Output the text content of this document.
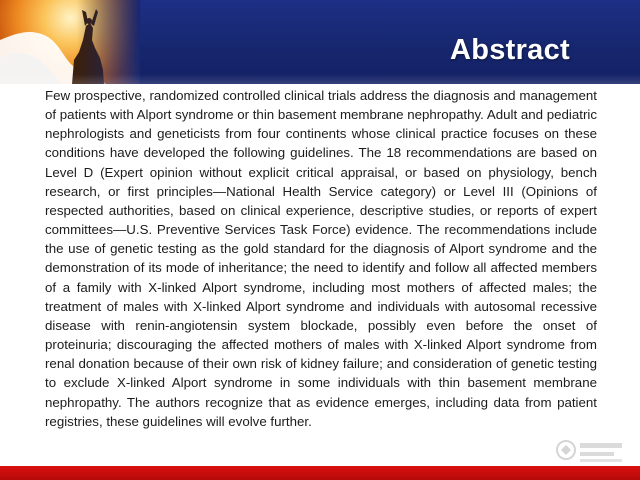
Abstract

Few prospective, randomized controlled clinical trials address the diagnosis and management of patients with Alport syndrome or thin basement membrane nephropathy. Adult and pediatric nephrologists and geneticists from four continents whose clinical practice focuses on these conditions have developed the following guidelines. The 18 recommendations are based on Level D (Expert opinion without explicit critical appraisal, or based on physiology, bench research, or first principles—National Health Service category) or Level III (Opinions of respected authorities, based on clinical experience, descriptive studies, or reports of expert committees—U.S. Preventive Services Task Force) evidence. The recommendations include the use of genetic testing as the gold standard for the diagnosis of Alport syndrome and the demonstration of its mode of inheritance; the need to identify and follow all affected members of a family with X-linked Alport syndrome, including most mothers of affected males; the treatment of males with X-linked Alport syndrome and individuals with autosomal recessive disease with renin-angiotensin system blockade, possibly even before the onset of proteinuria; discouraging the affected mothers of males with X-linked Alport syndrome from renal donation because of their own risk of kidney failure; and consideration of genetic testing to exclude X-linked Alport syndrome in some individuals with thin basement membrane nephropathy. The authors recognize that as evidence emerges, including data from patient registries, these guidelines will evolve further.
